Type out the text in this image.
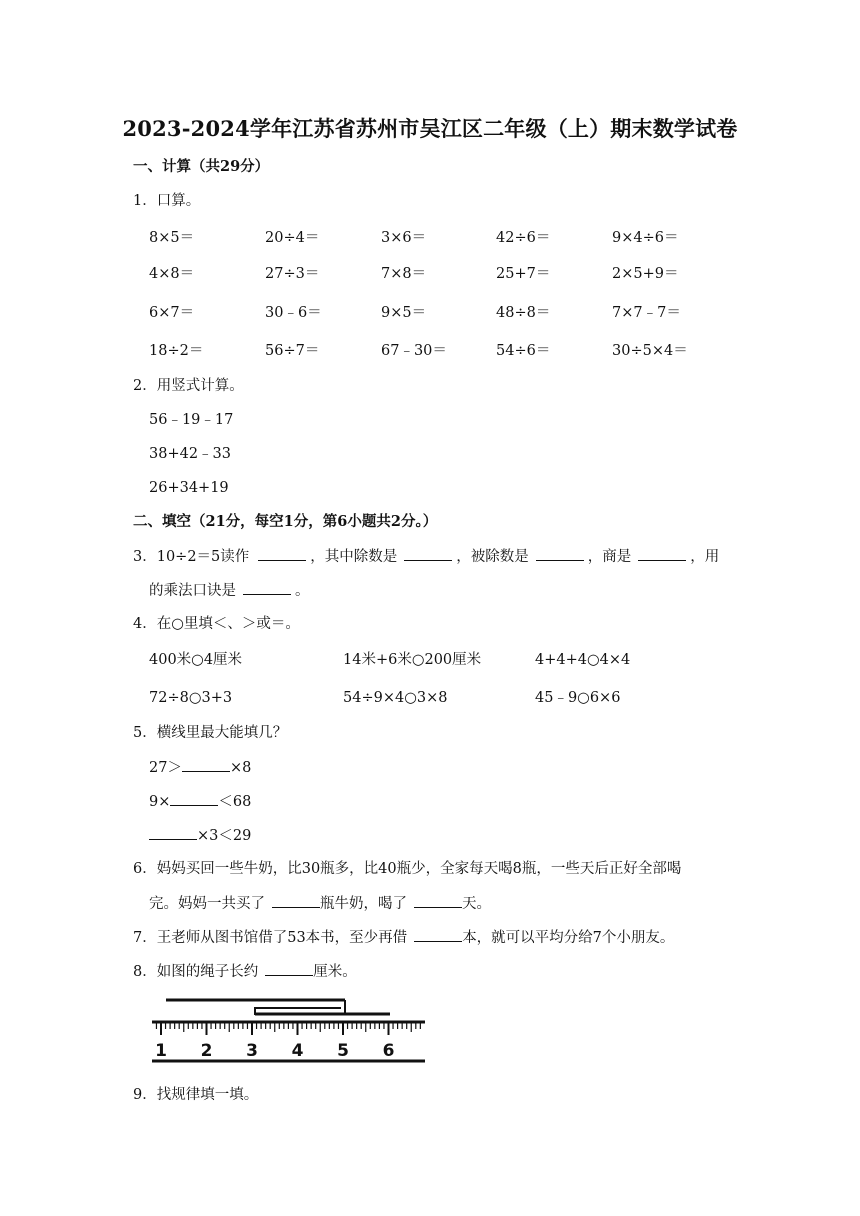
2023-2024学年江苏省苏州市吴江区二年级（上）期末数学试卷
一、计算（共29分）
1．口算。
8×5＝	20÷4＝	3×6＝	42÷6＝	9×4÷6＝
4×8＝	27÷3＝	7×8＝	25+7＝	2×5+9＝
6×7＝	30﹣6＝	9×5＝	48÷8＝	7×7﹣7＝
18÷2＝	56÷7＝	67﹣30＝	54÷6＝	30÷5×4＝
2．用竖式计算。
56﹣19﹣17
38+42﹣33
26+34+19
二、填空（21分，每空1分，第6小题共2分。）
3．10÷2＝5读作	，其中除数是	，被除数是	，商是	，用
的乘法口诀是	。
4．在○里填＜、＞或＝。
400米○4厘米	14米+6米○200厘米	4+4+4○4×4
72÷8○3+3	54÷9×4○3×8	45﹣9○6×6
5．横线里最大能填几？
27＞	×8
9×	＜68
×3＜29
6．妈妈买回一些牛奶，比30瓶多，比40瓶少，全家每天喝8瓶，一些天后正好全部喝
完。妈妈一共买了	瓶牛奶，喝了	天。
7．王老师从图书馆借了53本书，至少再借	本，就可以平均分给7个小朋友。
8．如图的绳子长约	厘米。
1 2 3 4 5 6
9．找规律填一填。
